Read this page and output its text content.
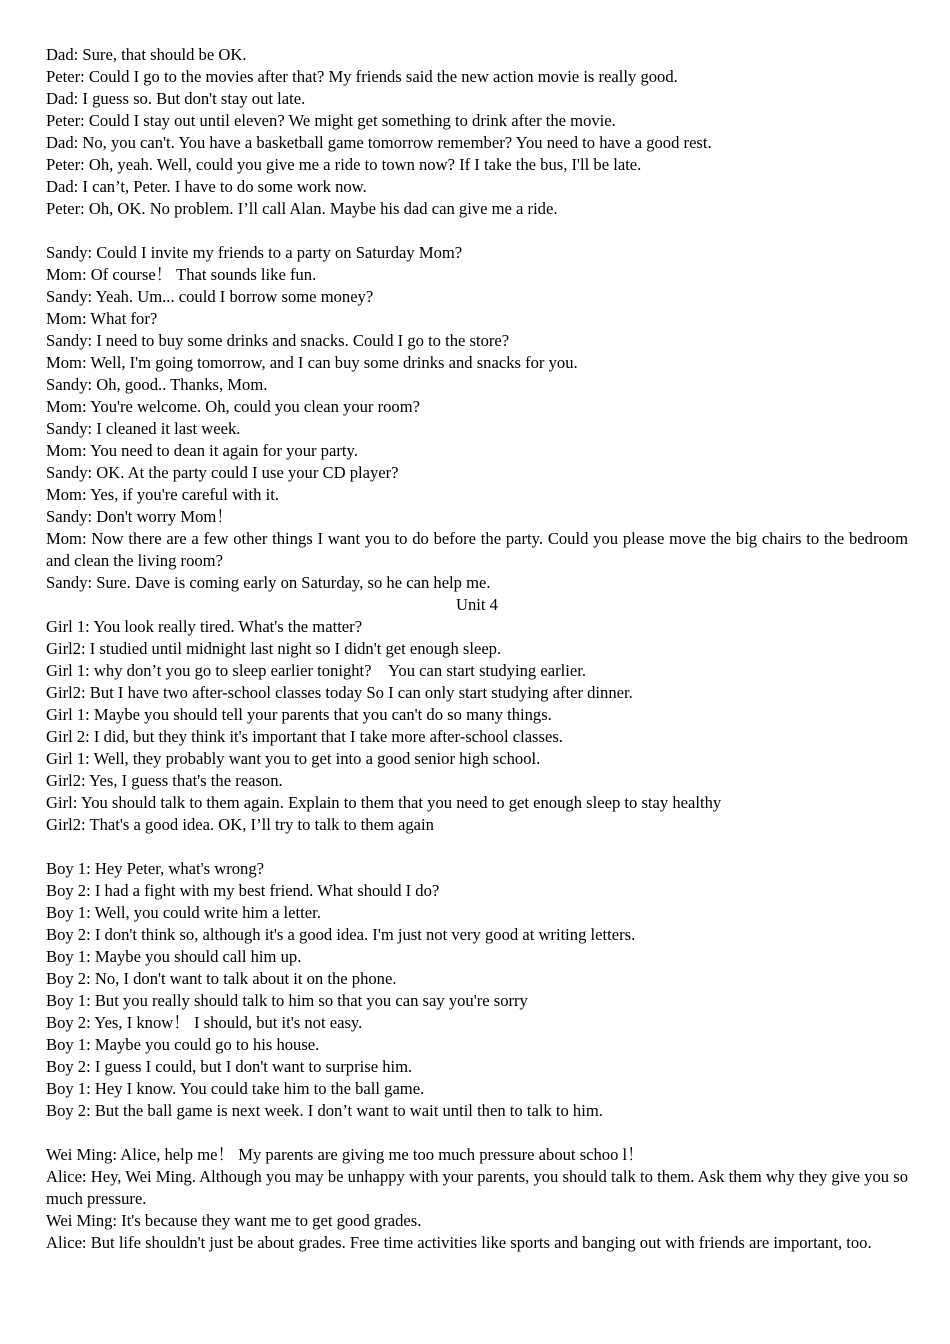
Dad: Sure, that should be OK.
Peter: Could I go to the movies after that? My friends said the new action movie is really good.
Dad: I guess so. But don't stay out late.
Peter: Could I stay out until eleven? We might get something to drink after the movie.
Dad: No, you can't. You have a basketball game tomorrow remember? You need to have a good rest.
Peter: Oh, yeah. Well, could you give me a ride to town now? If I take the bus, I'll be late.
Dad: I can’t, Peter. I have to do some work now.
Peter: Oh, OK. No problem. I’ll call Alan. Maybe his dad can give me a ride.
Sandy: Could I invite my friends to a party on Saturday Mom?
Mom: Of course！ That sounds like fun.
Sandy: Yeah. Um... could I borrow some money?
Mom: What for?
Sandy: I need to buy some drinks and snacks. Could I go to the store?
Mom: Well, I'm going tomorrow, and I can buy some drinks and snacks for you.
Sandy: Oh, good.. Thanks, Mom.
Mom: You're welcome. Oh, could you clean your room?
Sandy: I cleaned it last week.
Mom: You need to dean it again for your party.
Sandy: OK. At the party could I use your CD player?
Mom: Yes, if you're careful with it.
Sandy: Don't worry Mom！
Mom: Now there are a few other things I want you to do before the party. Could you please move the big chairs to the bedroom and clean the living room?
Sandy: Sure. Dave is coming early on Saturday, so he can help me.
Unit 4
Girl 1: You look really tired. What's the matter?
Girl2: I studied until midnight last night so I didn't get enough sleep.
Girl 1: why don’t you go to sleep earlier tonight?　You can start studying earlier.
Girl2: But I have two after-school classes today So I can only start studying after dinner.
Girl 1: Maybe you should tell your parents that you can't do so many things.
Girl 2: I did, but they think it's important that I take more after-school classes.
Girl 1: Well, they probably want you to get into a good senior high school.
Girl2: Yes, I guess that's the reason.
Girl: You should talk to them again. Explain to them that you need to get enough sleep to stay healthy
Girl2: That's a good idea. OK, I’ll try to talk to them again
Boy 1: Hey Peter, what's wrong?
Boy 2: I had a fight with my best friend. What should I do?
Boy 1: Well, you could write him a letter.
Boy 2: I don't think so, although it's a good idea. I'm just not very good at writing letters.
Boy 1: Maybe you should call him up.
Boy 2: No, I don't want to talk about it on the phone.
Boy 1: But you really should talk to him so that you can say you're sorry
Boy 2: Yes, I know！ I should, but it's not easy.
Boy 1: Maybe you could go to his house.
Boy 2: I guess I could, but I don't want to surprise him.
Boy 1: Hey I know. You could take him to the ball game.
Boy 2: But the ball game is next week. I don’t want to wait until then to talk to him.
Wei Ming: Alice, help me！ My parents are giving me too much pressure about schoo l！
Alice: Hey, Wei Ming. Although you may be unhappy with your parents, you should talk to them. Ask them why they give you so much pressure.
Wei Ming: It's because they want me to get good grades.
Alice: But life shouldn't just be about grades. Free time activities like sports and banging out with friends are important, too.
